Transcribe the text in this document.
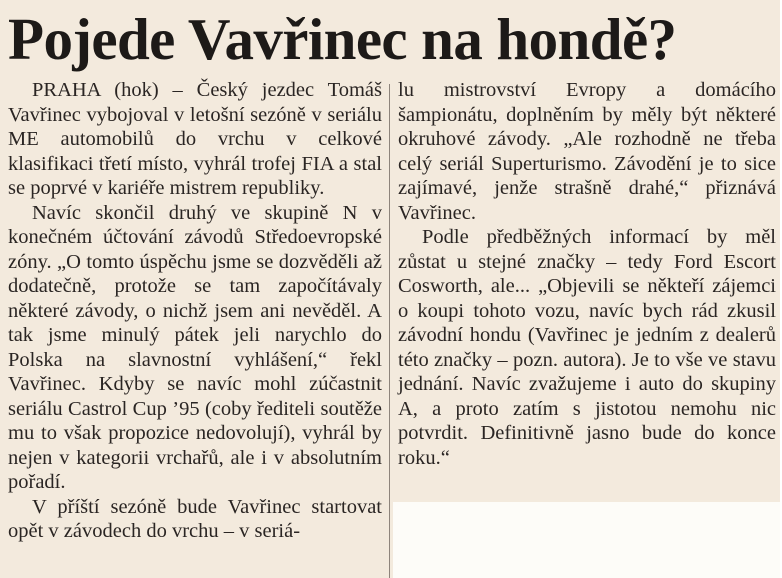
Pojede Vavřinec na hondě?

PRAHA (hok) – Český jezdec Tomáš Vavřinec vybojoval v letošní sezóně v seriálu ME automobilů do vrchu v celkové klasifikaci třetí místo, vyhrál trofej FIA a stal se poprvé v kariéře mistrem republiky.

Navíc skončil druhý ve skupině N v konečném účtování závodů Středoevropské zóny. „O tomto úspěchu jsme se dozvěděli až dodatečně, protože se tam započítávaly některé závody, o nichž jsem ani nevěděl. A tak jsme minulý pátek jeli narychlo do Polska na slavnostní vyhlášení,“ řekl Vavřinec. Kdyby se navíc mohl zúčastnit seriálu Castrol Cup ’95 (coby řediteli soutěže mu to však propozice nedovolují), vyhrál by nejen v kategorii vrchařů, ale i v absolutním pořadí.

V příští sezóně bude Vavřinec startovat opět v závodech do vrchu – v seriá-

lu mistrovství Evropy a domácího šampionátu, doplněním by měly být některé okruhové závody. „Ale rozhodně ne třeba celý seriál Superturismo. Závodění je to sice zajímavé, jenže strašně drahé,“ přiznává Vavřinec.

Podle předběžných informací by měl zůstat u stejné značky – tedy Ford Escort Cosworth, ale... „Objevili se někteří zájemci o koupi tohoto vozu, navíc bych rád zkusil závodní hondu (Vavřinec je jedním z dealerů této značky – pozn. autora). Je to vše ve stavu jednání. Navíc zvažujeme i auto do skupiny A, a proto zatím s jistotou nemohu nic potvrdit. Definitivně jasno bude do konce roku.“
